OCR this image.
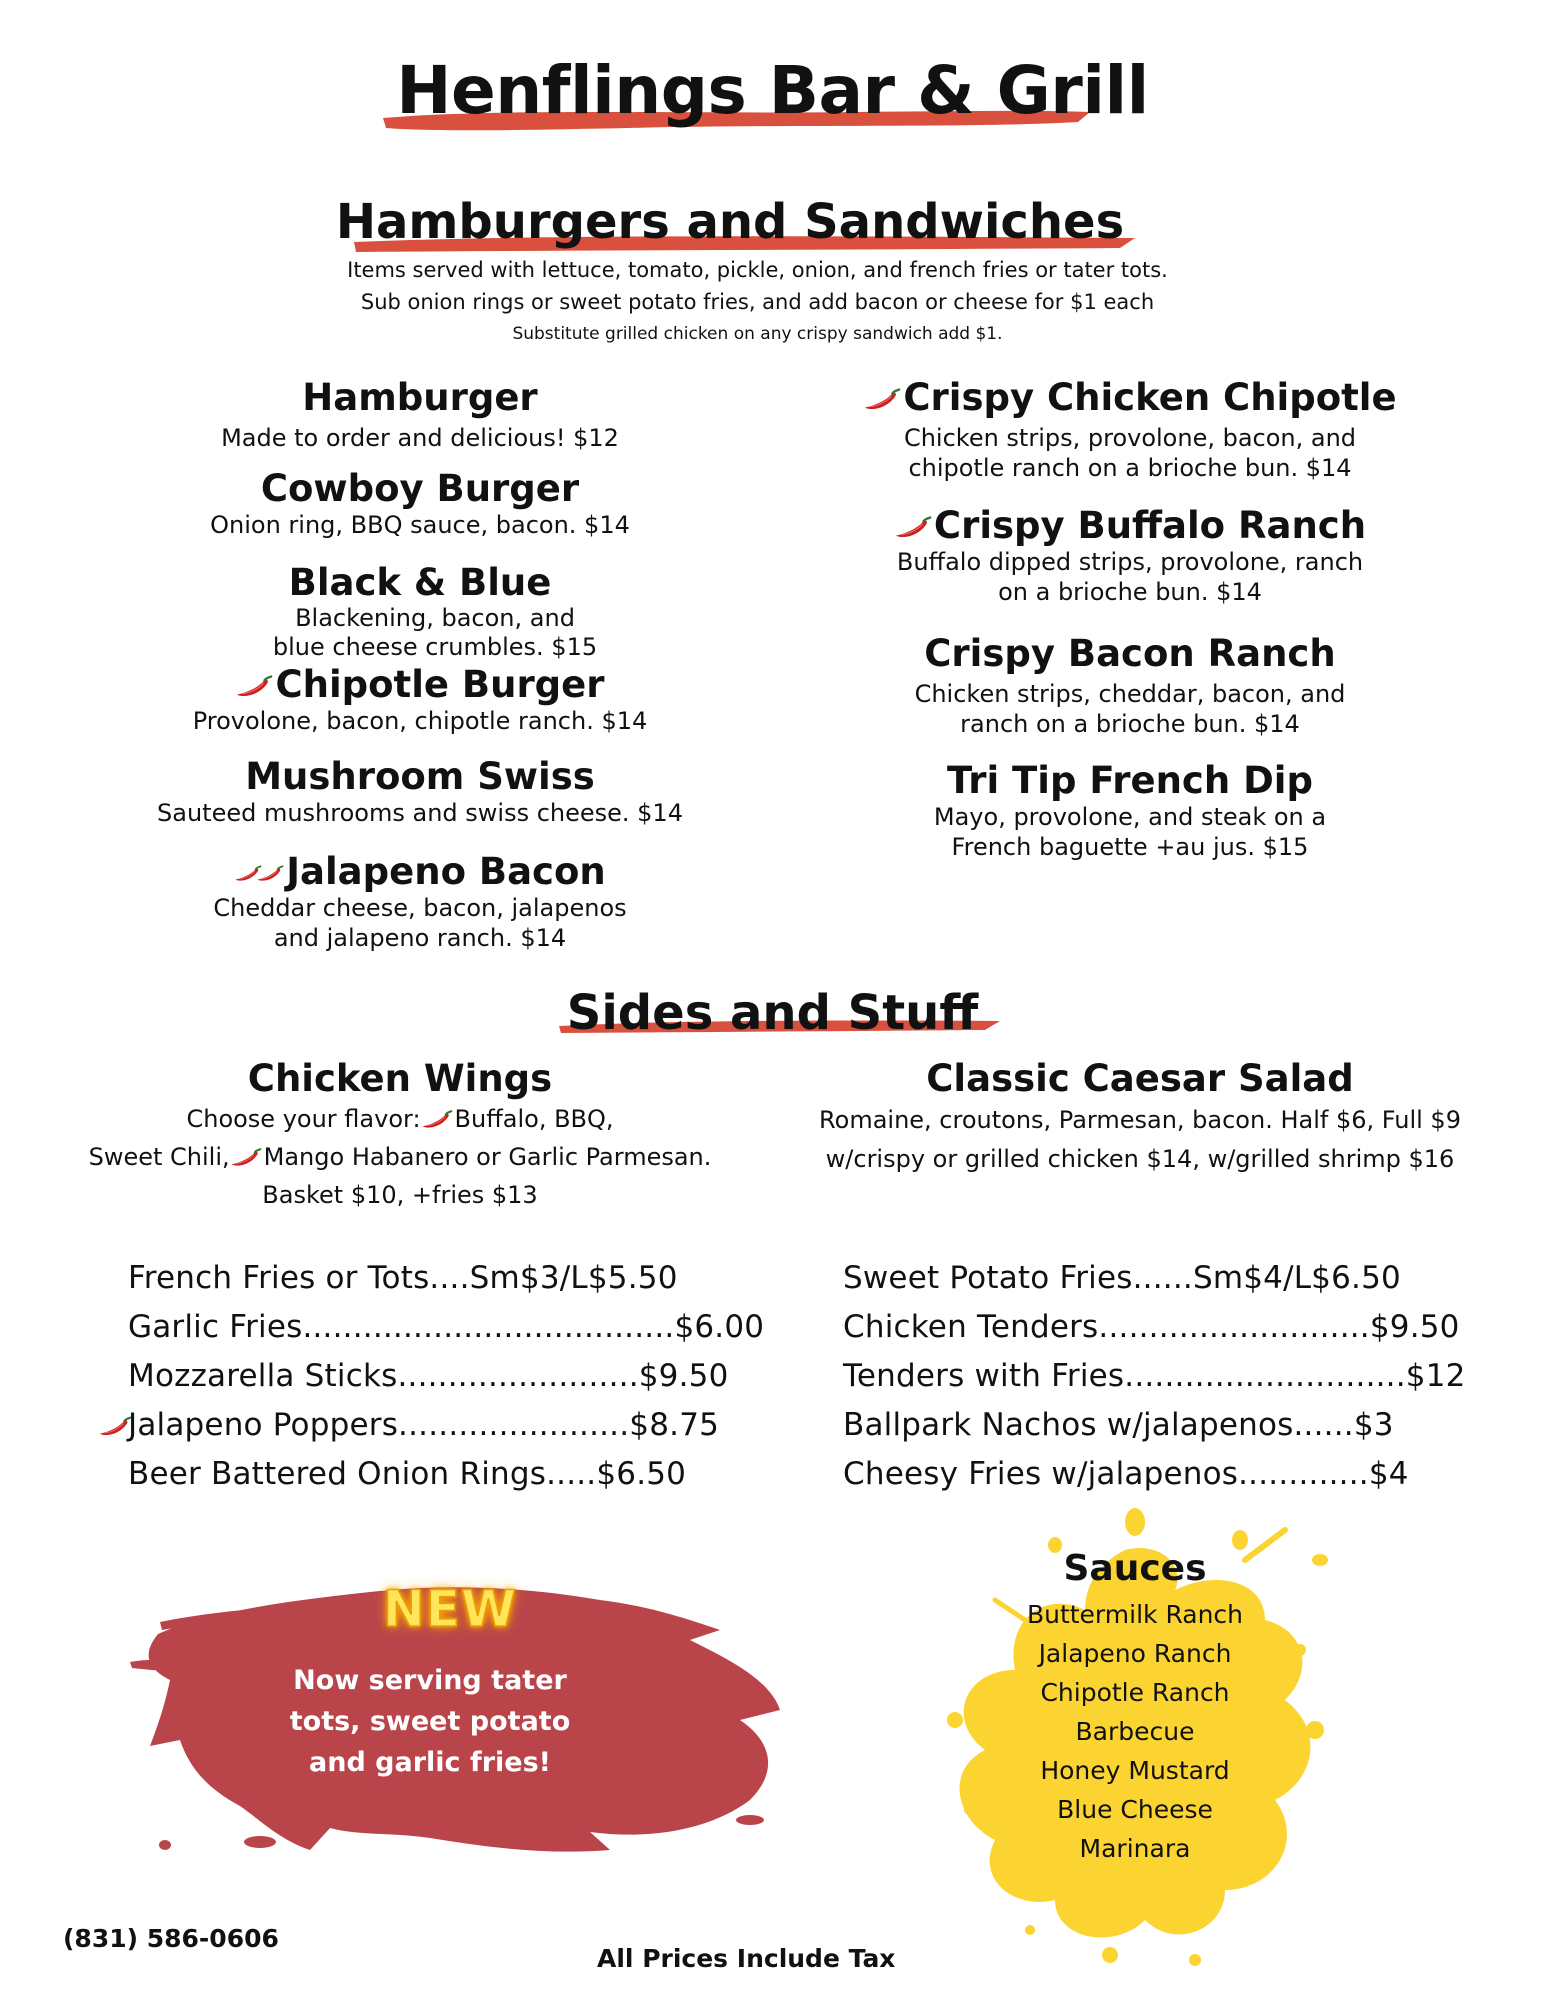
Henflings Bar & Grill
Hamburgers and Sandwiches
Items served with lettuce, tomato, pickle, onion, and french fries or tater tots.
Sub onion rings or sweet potato fries, and add bacon or cheese for $1 each
Substitute grilled chicken on any crispy sandwich add $1.
Hamburger
Made to order and delicious! $12
Cowboy Burger
Onion ring, BBQ sauce, bacon. $14
Black & Blue
Blackening, bacon, and
blue cheese crumbles. $15
Chipotle Burger
Provolone, bacon, chipotle ranch. $14
Mushroom Swiss
Sauteed mushrooms and swiss cheese. $14
Jalapeno Bacon
Cheddar cheese, bacon, jalapenos
and jalapeno ranch. $14
Crispy Chicken Chipotle
Chicken strips, provolone, bacon, and
chipotle ranch on a brioche bun. $14
Crispy Buffalo Ranch
Buffalo dipped strips, provolone, ranch
on a brioche bun. $14
Crispy Bacon Ranch
Chicken strips, cheddar, bacon, and
ranch on a brioche bun. $14
Tri Tip French Dip
Mayo, provolone, and steak on a
French baguette +au jus. $15
Sides and Stuff
Chicken Wings
Choose your flavor: Buffalo, BBQ,
Sweet Chili, Mango Habanero or Garlic Parmesan.
Basket $10, +fries $13
Classic Caesar Salad
Romaine, croutons, Parmesan, bacon. Half $6, Full $9
w/crispy or grilled chicken $14, w/grilled shrimp $16
French Fries or Tots....Sm$3/L$5.50
Garlic Fries.....................................$6.00
Mozzarella Sticks........................$9.50
Jalapeno Poppers.......................$8.75
Beer Battered Onion Rings.....$6.50
Sweet Potato Fries......Sm$4/L$6.50
Chicken Tenders...........................$9.50
Tenders with Fries............................$12
Ballpark Nachos w/jalapenos......$3
Cheesy Fries w/jalapenos.............$4
NEW
Now serving tater
tots, sweet potato
and garlic fries!
Sauces
Buttermilk Ranch
Jalapeno Ranch
Chipotle Ranch
Barbecue
Honey Mustard
Blue Cheese
Marinara
(831) 586-0606
All Prices Include Tax
